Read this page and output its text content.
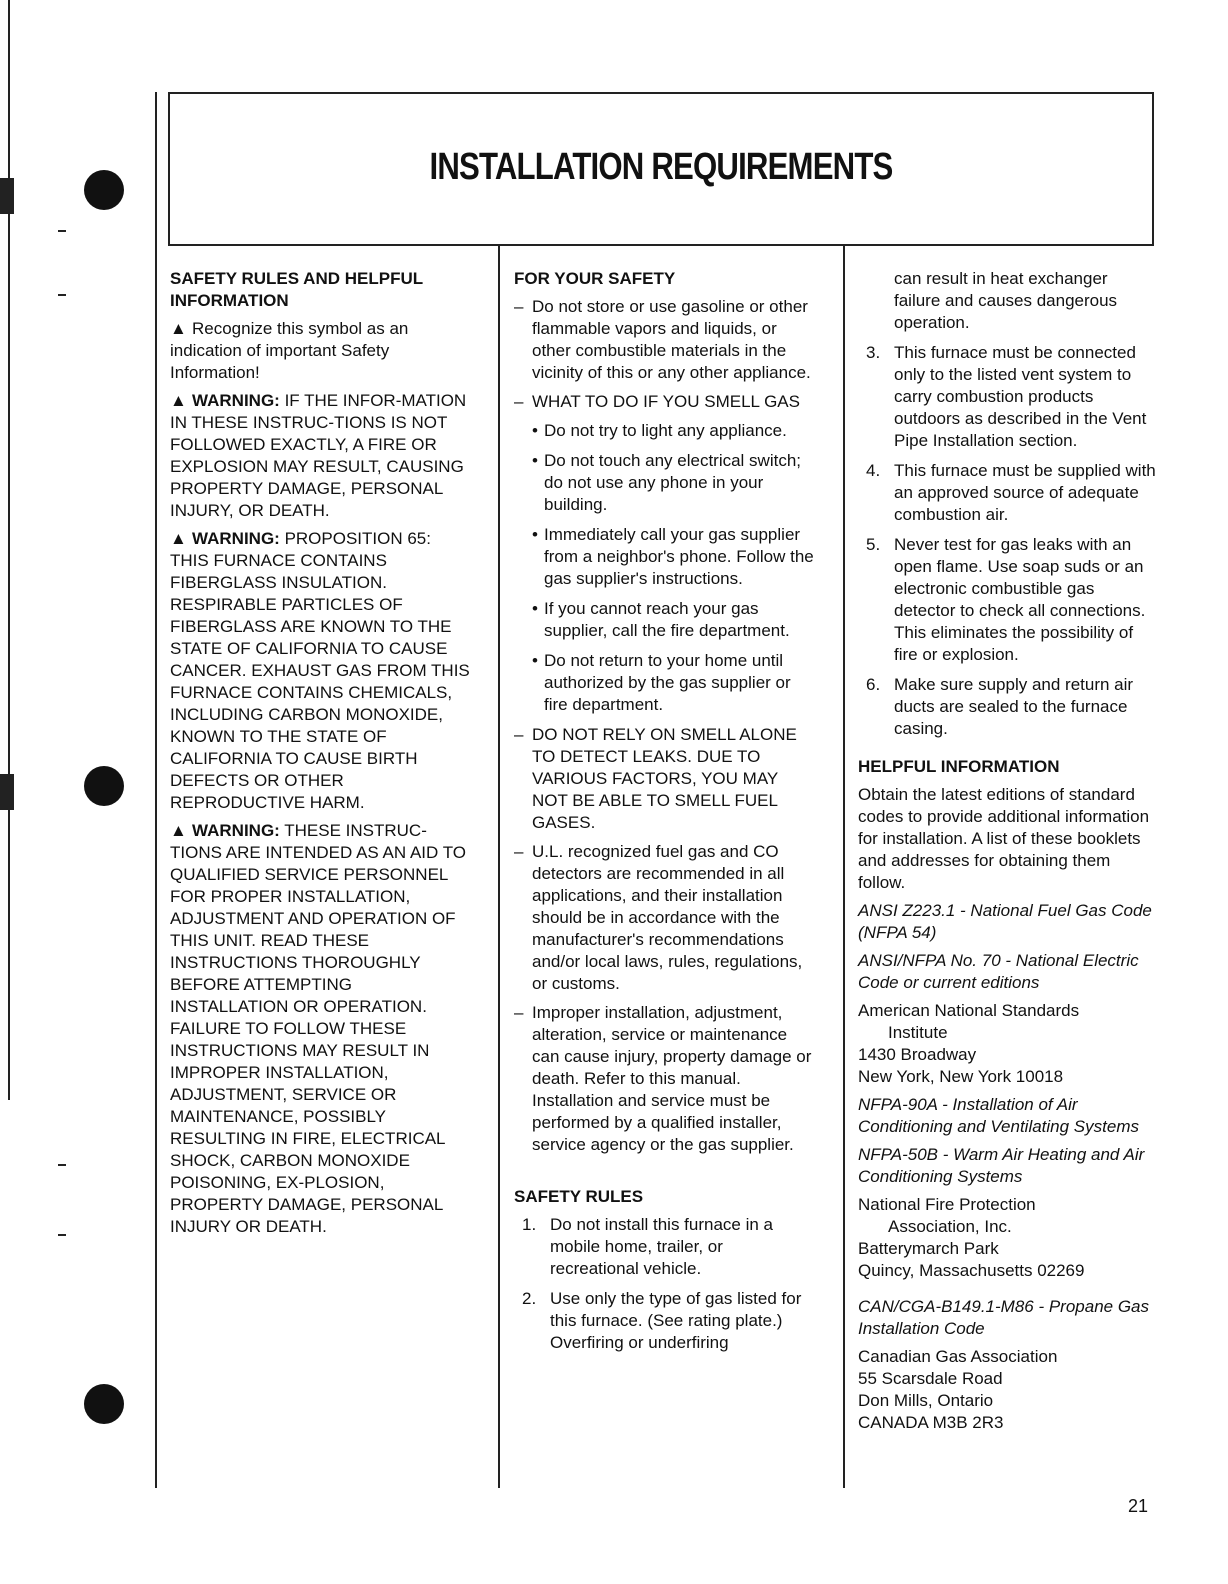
INSTALLATION REQUIREMENTS
SAFETY RULES AND HELPFUL INFORMATION

▲ Recognize this symbol as an indication of important Safety Information!

▲ WARNING: IF THE INFOR-MATION IN THESE INSTRUC-TIONS IS NOT FOLLOWED EXACTLY, A FIRE OR EXPLOSION MAY RESULT, CAUSING PROPERTY DAMAGE, PERSONAL INJURY, OR DEATH.

▲ WARNING: PROPOSITION 65: THIS FURNACE CONTAINS FIBERGLASS INSULATION. RESPIRABLE PARTICLES OF FIBERGLASS ARE KNOWN TO THE STATE OF CALIFORNIA TO CAUSE CANCER. EXHAUST GAS FROM THIS FURNACE CONTAINS CHEMICALS, INCLUDING CARBON MONOXIDE, KNOWN TO THE STATE OF CALIFORNIA TO CAUSE BIRTH DEFECTS OR OTHER REPRODUCTIVE HARM.

▲ WARNING: THESE INSTRUC-TIONS ARE INTENDED AS AN AID TO QUALIFIED SERVICE PERSONNEL FOR PROPER INSTALLATION, ADJUSTMENT AND OPERATION OF THIS UNIT. READ THESE INSTRUCTIONS THOROUGHLY BEFORE ATTEMPTING INSTALLATION OR OPERATION. FAILURE TO FOLLOW THESE INSTRUCTIONS MAY RESULT IN IMPROPER INSTALLATION, ADJUSTMENT, SERVICE OR MAINTENANCE, POSSIBLY RESULTING IN FIRE, ELECTRICAL SHOCK, CARBON MONOXIDE POISONING, EX-PLOSION, PROPERTY DAMAGE, PERSONAL INJURY OR DEATH.

FOR YOUR SAFETY
– Do not store or use gasoline or other flammable vapors and liquids, or other combustible materials in the vicinity of this or any other appliance.
– WHAT TO DO IF YOU SMELL GAS
• Do not try to light any appliance.
• Do not touch any electrical switch; do not use any phone in your building.
• Immediately call your gas supplier from a neighbor's phone. Follow the gas supplier's instructions.
• If you cannot reach your gas supplier, call the fire department.
• Do not return to your home until authorized by the gas supplier or fire department.
– DO NOT RELY ON SMELL ALONE TO DETECT LEAKS. DUE TO VARIOUS FACTORS, YOU MAY NOT BE ABLE TO SMELL FUEL GASES.
– U.L. recognized fuel gas and CO detectors are recommended in all applications, and their installation should be in accordance with the manufacturer's recommendations and/or local laws, rules, regulations, or customs.
– Improper installation, adjustment, alteration, service or maintenance can cause injury, property damage or death. Refer to this manual. Installation and service must be performed by a qualified installer, service agency or the gas supplier.
SAFETY RULES
1. Do not install this furnace in a mobile home, trailer, or recreational vehicle.
2. Use only the type of gas listed for this furnace. (See rating plate.) Overfiring or underfiring
can result in heat exchanger failure and causes dangerous operation.
3. This furnace must be connected only to the listed vent system to carry combustion products outdoors as described in the Vent Pipe Installation section.
4. This furnace must be supplied with an approved source of adequate combustion air.
5. Never test for gas leaks with an open flame. Use soap suds or an electronic combustible gas detector to check all connections. This eliminates the possibility of fire or explosion.
6. Make sure supply and return air ducts are sealed to the furnace casing.
HELPFUL INFORMATION

Obtain the latest editions of standard codes to provide additional information for installation. A list of these booklets and addresses for obtaining them follow.

ANSI Z223.1 - National Fuel Gas Code (NFPA 54)

ANSI/NFPA No. 70 - National Electric Code or current editions

American National Standards
Institute
1430 Broadway
New York, New York 10018

NFPA-90A - Installation of Air Conditioning and Ventilating Systems

NFPA-50B - Warm Air Heating and Air Conditioning Systems

National Fire Protection
Association, Inc.
Batterymarch Park
Quincy, Massachusetts 02269

CAN/CGA-B149.1-M86 - Propane Gas Installation Code

Canadian Gas Association
55 Scarsdale Road
Don Mills, Ontario
CANADA M3B 2R3
21
